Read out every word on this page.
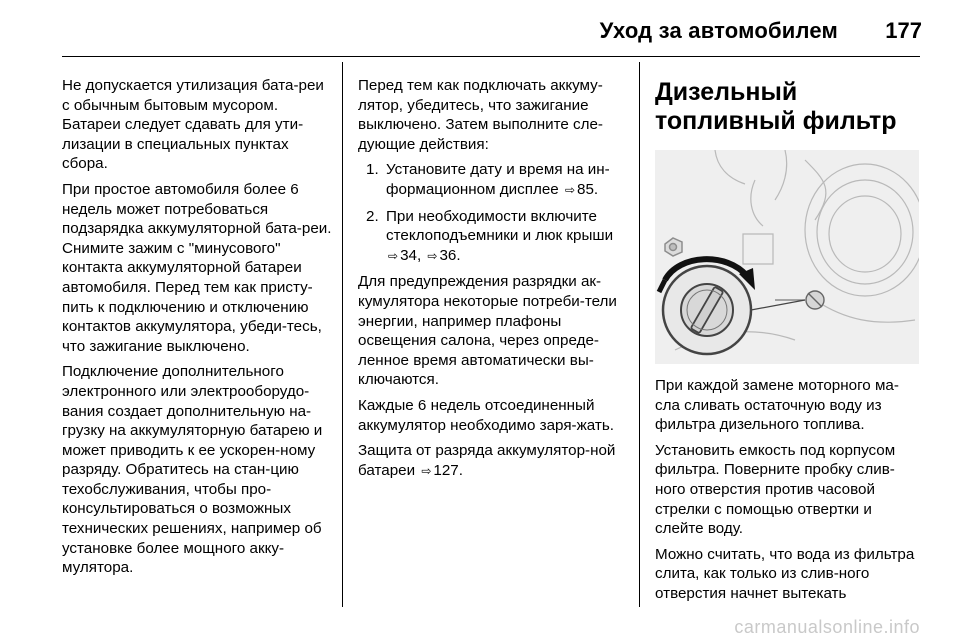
Уход за автомобилем 177

Не допускается утилизация бата-реи с обычным бытовым мусором. Батареи следует сдавать для ути-лизации в специальных пунктах сбора.

При простое автомобиля более 6 недель может потребоваться подзарядка аккумуляторной бата-реи. Снимите зажим с "минусового" контакта аккумуляторной батареи автомобиля. Перед тем как присту-пить к подключению и отключению контактов аккумулятора, убеди-тесь, что зажигание выключено.

Подключение дополнительного электронного или электрооборудо-вания создает дополнительную на-грузку на аккумуляторную батарею и может приводить к ее ускорен-ному разряду. Обратитесь на стан-цию техобслуживания, чтобы про-консультироваться о возможных технических решениях, например об установке более мощного акку-мулятора.

Перед тем как подключать аккуму-лятор, убедитесь, что зажигание выключено. Затем выполните сле-дующие действия:

1. Установите дату и время на ин-формационном дисплее ⇨ 85.
2. При необходимости включите стеклоподъемники и люк крыши
⇨ 34, ⇨ 36.

Для предупреждения разрядки ак-кумулятора некоторые потреби-тели энергии, например плафоны освещения салона, через опреде-ленное время автоматически вы-ключаются.

Каждые 6 недель отсоединенный аккумулятор необходимо заря-жать.

Защита от разряда аккумулятор-ной батареи ⇨ 127.

Дизельный топливный фильтр

При каждой замене моторного ма-сла сливать остаточную воду из фильтра дизельного топлива.

Установить емкость под корпусом фильтра. Поверните пробку слив-ного отверстия против часовой стрелки с помощью отвертки и слейте воду.

Можно считать, что вода из фильтра слита, как только из слив-ного отверстия начнет вытекать

carmanualsonline.info
